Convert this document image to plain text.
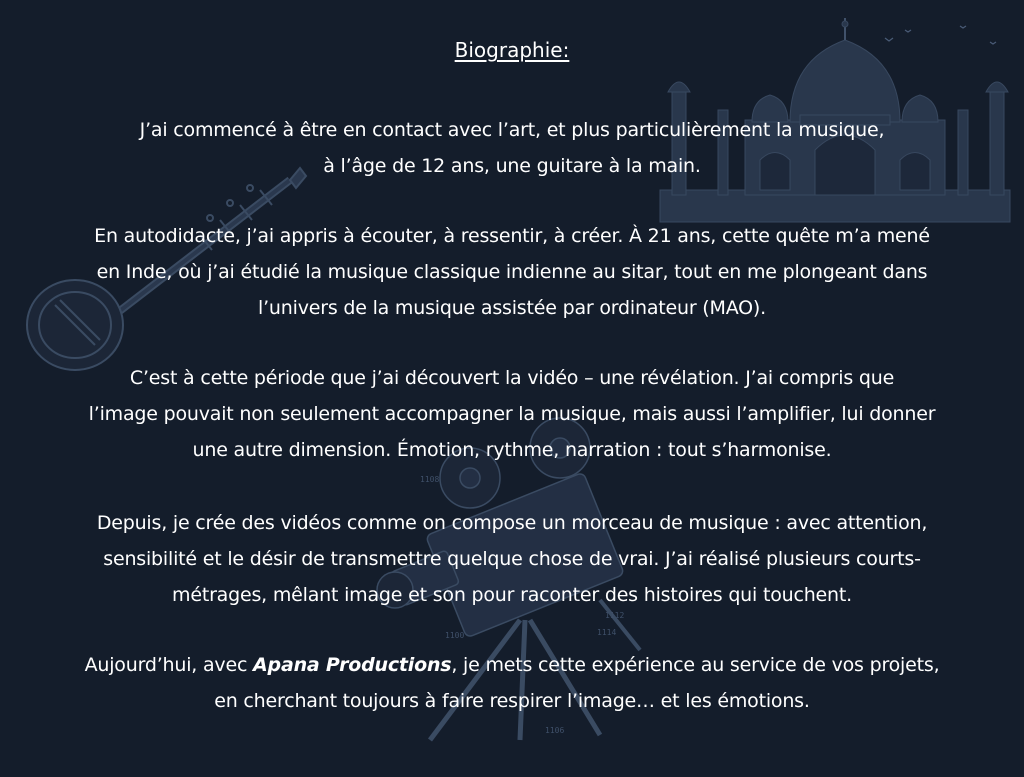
1108
1100	1114
1112
1106
Biographie:

J’ai commencé à être en contact avec l’art, et plus particulièrement la musique,
à l’âge de 12 ans, une guitare à la main.

En autodidacte, j’ai appris à écouter, à ressentir, à créer. À 21 ans, cette quête m’a mené
en Inde, où j’ai étudié la musique classique indienne au sitar, tout en me plongeant dans
l’univers de la musique assistée par ordinateur (MAO).

C’est à cette période que j’ai découvert la vidéo – une révélation. J’ai compris que
l’image pouvait non seulement accompagner la musique, mais aussi l’amplifier, lui donner
une autre dimension. Émotion, rythme, narration : tout s’harmonise.

Depuis, je crée des vidéos comme on compose un morceau de musique : avec attention,
sensibilité et le désir de transmettre quelque chose de vrai. J’ai réalisé plusieurs courts-
métrages, mêlant image et son pour raconter des histoires qui touchent.

Aujourd’hui, avec Apana Productions, je mets cette expérience au service de vos projets,
en cherchant toujours à faire respirer l’image… et les émotions.
